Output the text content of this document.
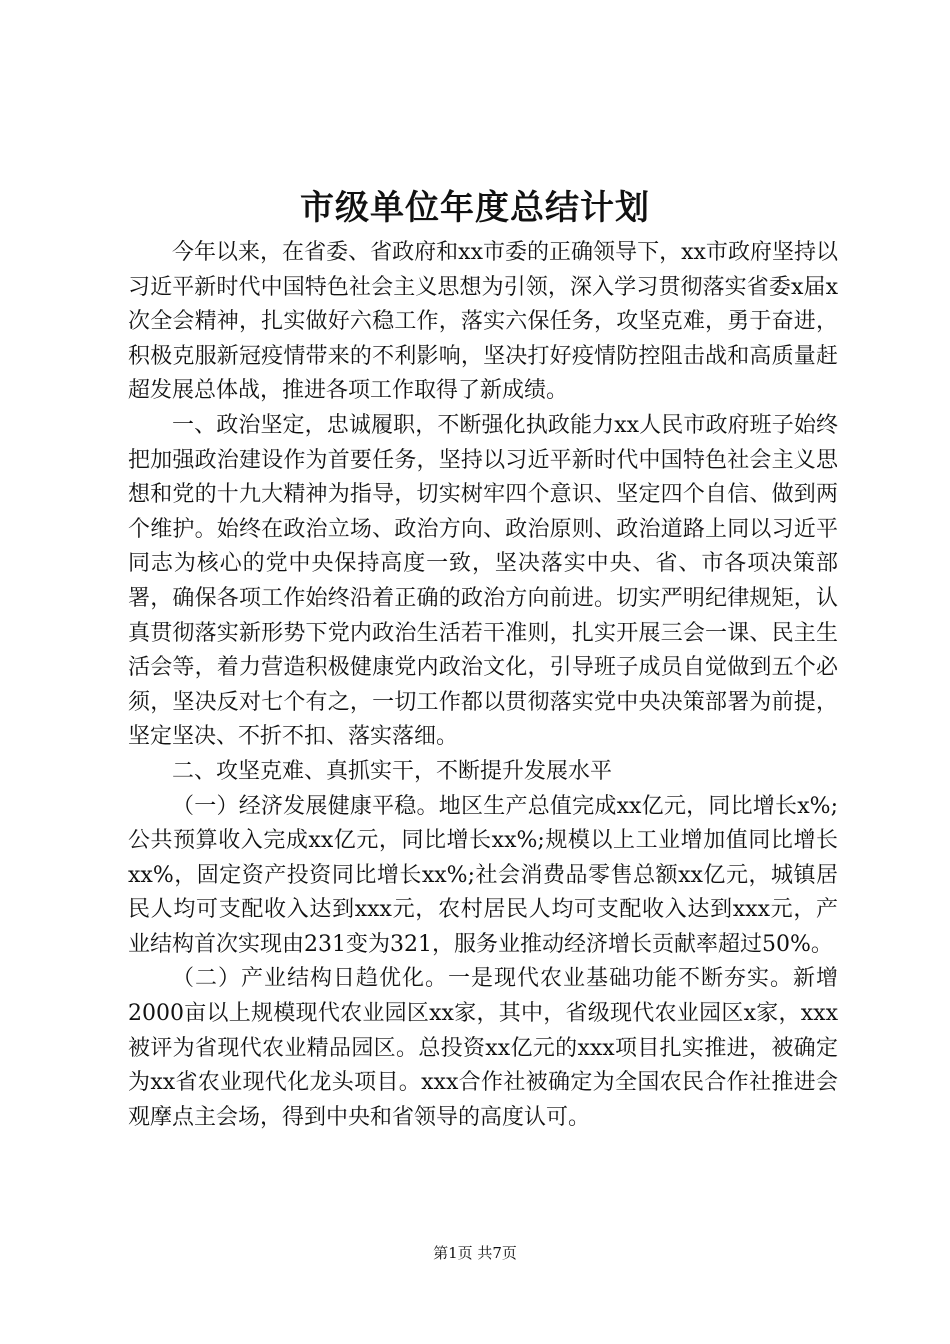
市级单位年度总结计划

今年以来，在省委、省政府和xx市委的正确领导下，xx市政府坚持以习近平新时代中国特色社会主义思想为引领，深入学习贯彻落实省委x届x次全会精神，扎实做好六稳工作，落实六保任务，攻坚克难，勇于奋进，积极克服新冠疫情带来的不利影响，坚决打好疫情防控阻击战和高质量赶超发展总体战，推进各项工作取得了新成绩。

一、政治坚定，忠诚履职，不断强化执政能力xx人民市政府班子始终把加强政治建设作为首要任务，坚持以习近平新时代中国特色社会主义思想和党的十九大精神为指导，切实树牢四个意识、坚定四个自信、做到两个维护。始终在政治立场、政治方向、政治原则、政治道路上同以习近平同志为核心的党中央保持高度一致，坚决落实中央、省、市各项决策部署，确保各项工作始终沿着正确的政治方向前进。切实严明纪律规矩，认真贯彻落实新形势下党内政治生活若干准则，扎实开展三会一课、民主生活会等，着力营造积极健康党内政治文化，引导班子成员自觉做到五个必须，坚决反对七个有之，一切工作都以贯彻落实党中央决策部署为前提，坚定坚决、不折不扣、落实落细。

二、攻坚克难、真抓实干，不断提升发展水平

（一）经济发展健康平稳。地区生产总值完成xx亿元，同比增长x%;公共预算收入完成xx亿元，同比增长xx%;规模以上工业增加值同比增长xx%，固定资产投资同比增长xx%;社会消费品零售总额xx亿元，城镇居民人均可支配收入达到xxx元，农村居民人均可支配收入达到xxx元，产业结构首次实现由231变为321，服务业推动经济增长贡献率超过50%。

（二）产业结构日趋优化。一是现代农业基础功能不断夯实。新增2000亩以上规模现代农业园区xx家，其中，省级现代农业园区x家，xxx被评为省现代农业精品园区。总投资xx亿元的xxx项目扎实推进，被确定为xx省农业现代化龙头项目。xxx合作社被确定为全国农民合作社推进会观摩点主会场，得到中央和省领导的高度认可。

第1页 共7页
